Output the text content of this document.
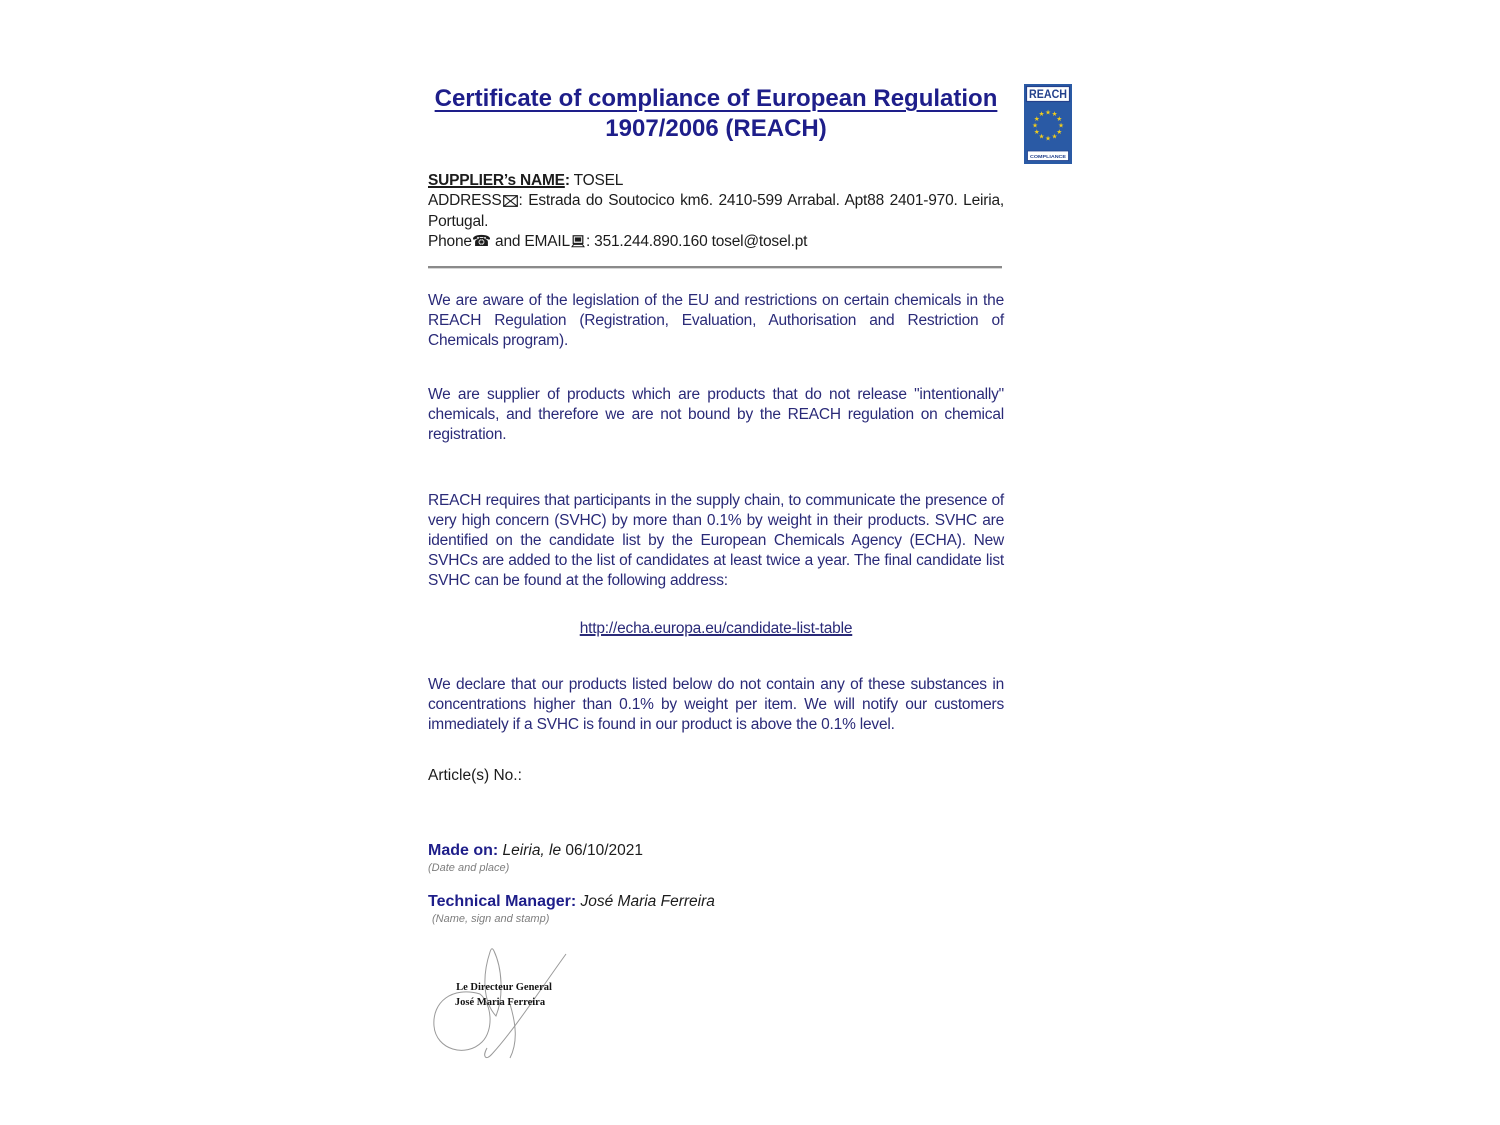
REACH
★ ★
★
★
★
★
★
★
★
★
★
★
COMPLIANCE
Certificate of compliance of European Regulation
1907/2006 (REACH)
SUPPLIER’s NAME: TOSEL
ADDRESS : Estrada do Soutocico km6. 2410-599 Arrabal. Apt88 2401-970. Leiria, Portugal.
Phone☎ and EMAIL : 351.244.890.160 tosel@tosel.pt

We are aware of the legislation of the EU and restrictions on certain chemicals in the REACH Regulation (Registration, Evaluation, Authorisation and Restriction of Chemicals program).

We are supplier of products which are products that do not release "intentionally" chemicals, and therefore we are not bound by the REACH regulation on chemical registration.

REACH requires that participants in the supply chain, to communicate the presence of very high concern (SVHC) by more than 0.1% by weight in their products. SVHC are identified on the candidate list by the European Chemicals Agency (ECHA). New SVHCs are added to the list of candidates at least twice a year. The final candidate list SVHC can be found at the following address:

http://echa.europa.eu/candidate-list-table

We declare that our products listed below do not contain any of these substances in concentrations higher than 0.1% by weight per item. We will notify our customers immediately if a SVHC is found in our product is above the 0.1% level.

Article(s) No.:
Made on: Leiria, le 06/10/2021
(Date and place)
Technical Manager: José Maria Ferreira
(Name, sign and stamp)
Le Directeur General
José Maria Ferreira
